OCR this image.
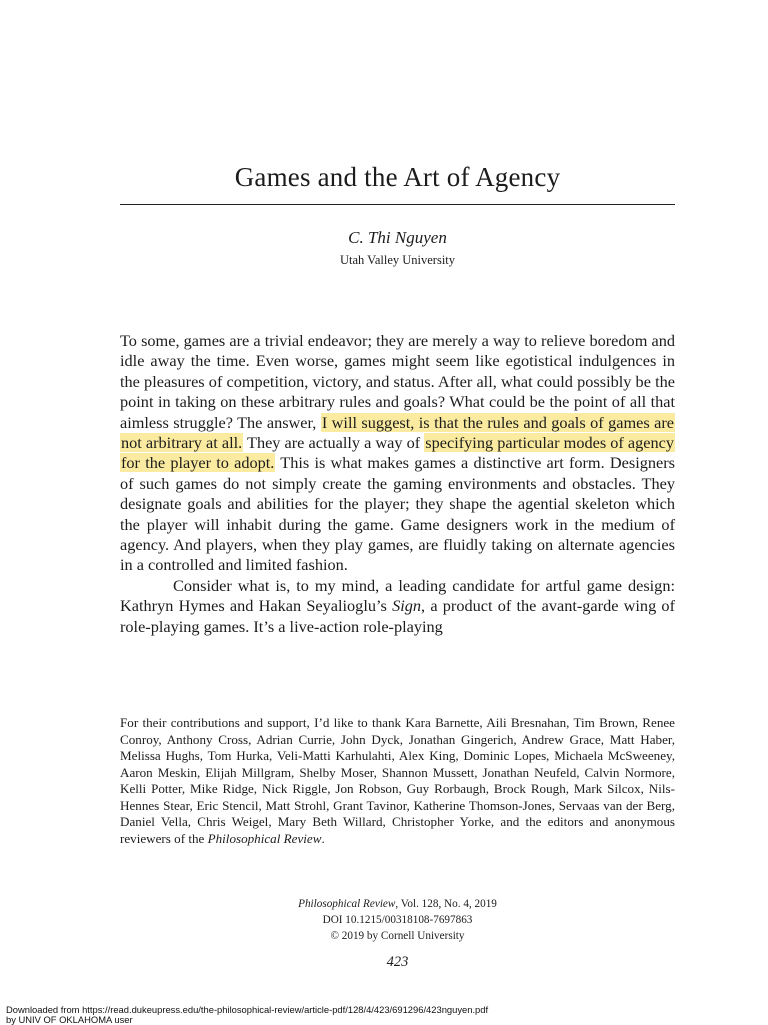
Games and the Art of Agency
C. Thi Nguyen
Utah Valley University

To some, games are a trivial endeavor; they are merely a way to relieve boredom and idle away the time. Even worse, games might seem like egotistical indulgences in the pleasures of competition, victory, and status. After all, what could possibly be the point in taking on these arbitrary rules and goals? What could be the point of all that aimless struggle? The answer, I will suggest, is that the rules and goals of games are not arbitrary at all. They are actually a way of specifying particular modes of agency for the player to adopt. This is what makes games a distinctive art form. Designers of such games do not simply create the gaming environments and obstacles. They designate goals and abilities for the player; they shape the agential skeleton which the player will inhabit during the game. Game designers work in the medium of agency. And players, when they play games, are fluidly taking on alternate agencies in a controlled and limited fashion.

Consider what is, to my mind, a leading candidate for artful game design: Kathryn Hymes and Hakan Seyalioglu’s Sign, a product of the avant-garde wing of role-playing games. It’s a live-action role-playing

For their contributions and support, I’d like to thank Kara Barnette, Aili Bresnahan, Tim Brown, Renee Conroy, Anthony Cross, Adrian Currie, John Dyck, Jonathan Gingerich, Andrew Grace, Matt Haber, Melissa Hughs, Tom Hurka, Veli-Matti Karhulahti, Alex King, Dominic Lopes, Michaela McSweeney, Aaron Meskin, Elijah Millgram, Shelby Moser, Shannon Mussett, Jonathan Neufeld, Calvin Normore, Kelli Potter, Mike Ridge, Nick Riggle, Jon Robson, Guy Rorbaugh, Brock Rough, Mark Silcox, Nils-Hennes Stear, Eric Stencil, Matt Strohl, Grant Tavinor, Katherine Thomson-Jones, Servaas van der Berg, Daniel Vella, Chris Weigel, Mary Beth Willard, Christopher Yorke, and the editors and anonymous reviewers of the Philosophical Review.

Philosophical Review, Vol. 128, No. 4, 2019
DOI 10.1215/00318108-7697863
© 2019 by Cornell University
423
Downloaded from https://read.dukeupress.edu/the-philosophical-review/article-pdf/128/4/423/691296/423nguyen.pdf
by UNIV OF OKLAHOMA user
